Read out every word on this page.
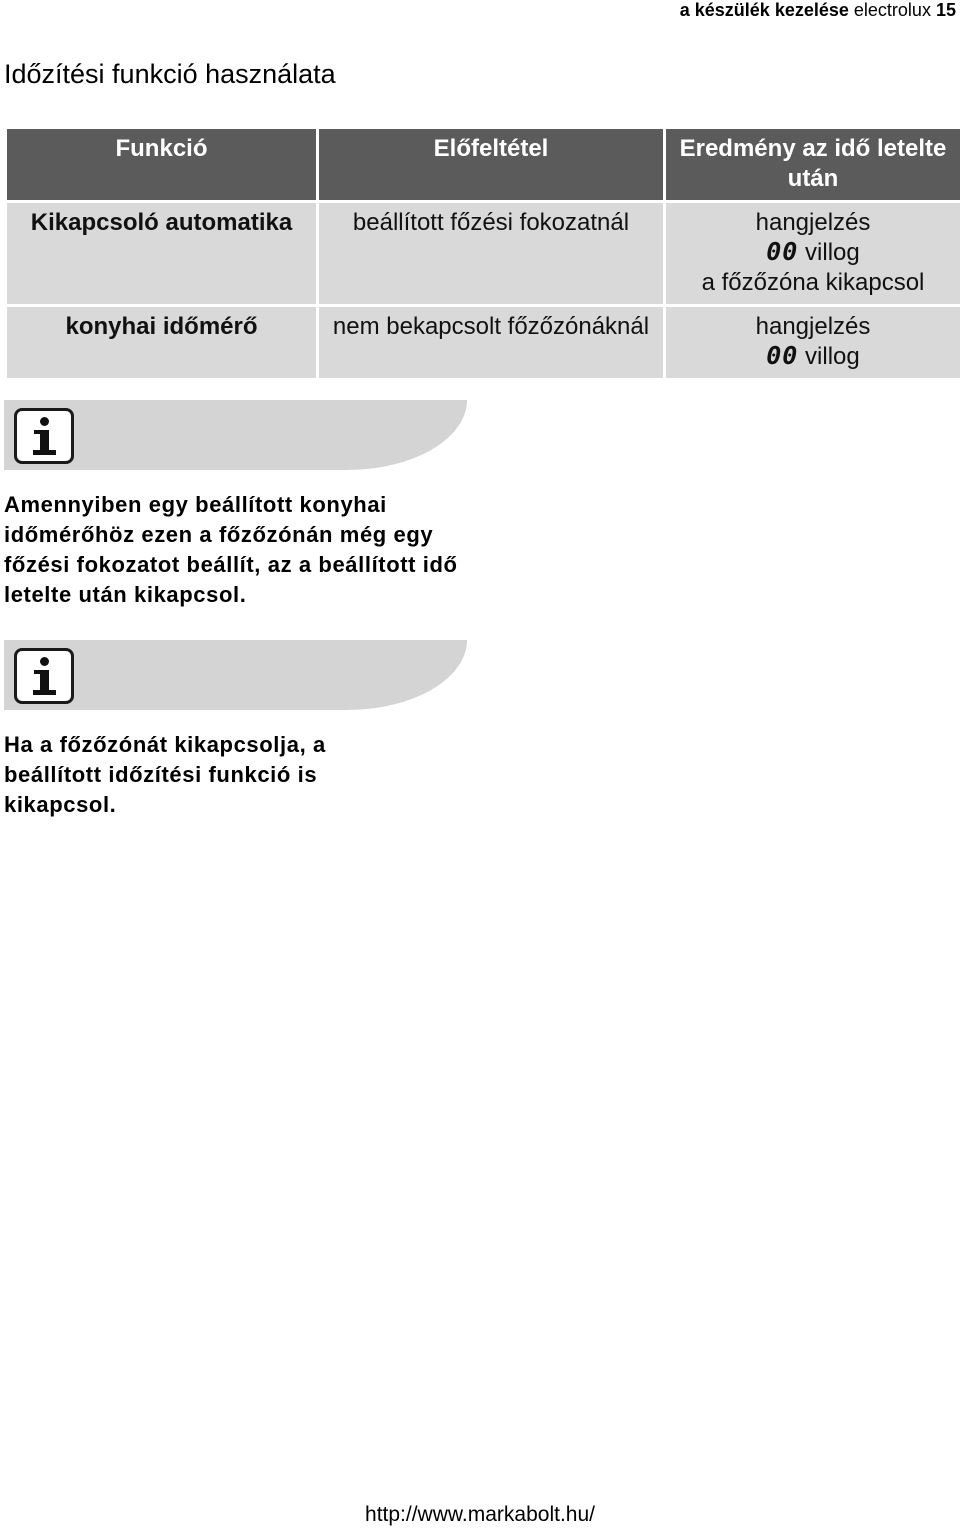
a készülék kezelése electrolux 15
Időzítési funkció használata
Funkció	Előfeltétel	Eredmény az idő letelte után
Kikapcsoló automatika	beállított főzési fokozatnál	hangjelzés
00 villog
a főzőzóna kikapcsol

konyhai időmérő	nem bekapcsolt főzőzónáknál	hangjelzés
00 villog

Amennyiben egy beállított konyhai időmérőhöz ezen a főzőzónán még egy főzési fokozatot beállít, az a beállított idő letelte után kikapcsol.

Ha a főzőzónát kikapcsolja, a beállított időzítési funkció is kikapcsol.

http://www.markabolt.hu/
